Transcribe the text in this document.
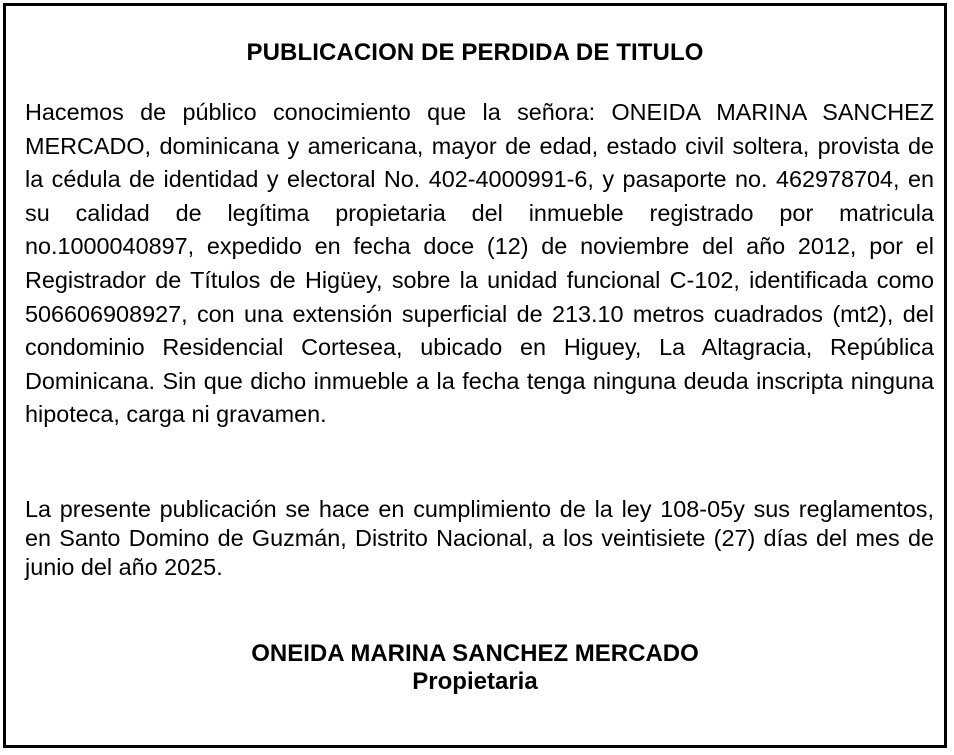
PUBLICACION DE PERDIDA DE TITULO
Hacemos de público conocimiento que la señora: ONEIDA MARINA SANCHEZ MERCADO, dominicana y americana, mayor de edad, estado civil soltera, provista de la cédula de identidad y electoral No. 402-4000991-6, y pasaporte no. 462978704, en su calidad de legítima propietaria del inmueble registrado por matricula no.1000040897, expedido en fecha doce (12) de noviembre del año 2012, por el Registrador de Títulos de Higüey, sobre la unidad funcional C-102, identificada como 506606908927, con una extensión superficial de 213.10 metros cuadrados (mt2), del condominio Residencial Cortesea, ubicado en Higuey, La Altagracia, República Dominicana. Sin que dicho inmueble a la fecha tenga ninguna deuda inscripta ninguna hipoteca, carga ni gravamen.
La presente publicación se hace en cumplimiento de la ley 108-05y sus reglamentos, en Santo Domino de Guzmán, Distrito Nacional, a los veintisiete (27) días del mes de junio del año 2025.
ONEIDA MARINA SANCHEZ MERCADO
Propietaria
